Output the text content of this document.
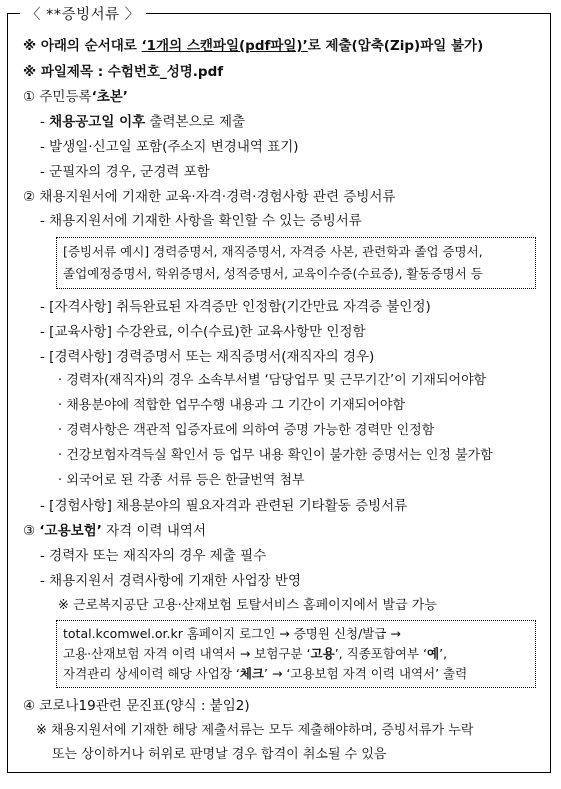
〈 **증빙서류 〉
※ 아래의 순서대로 ‘1개의 스캔파일(pdf파일)’로 제출(압축(Zip)파일 불가)
※ 파일제목 : 수험번호_성명.pdf
① 주민등록‘초본’
- 채용공고일 이후 출력본으로 제출
- 발생일·신고일 포함(주소지 변경내역 표기)
- 군필자의 경우, 군경력 포함
② 채용지원서에 기재한 교육·자격·경력·경험사항 관련 증빙서류
- 채용지원서에 기재한 사항을 확인할 수 있는 증빙서류
[증빙서류 예시] 경력증명서, 재직증명서, 자격증 사본, 관련학과 졸업 증명서,
졸업예정증명서, 학위증명서, 성적증명서, 교육이수증(수료증), 활동증명서 등
- [자격사항] 취득완료된 자격증만 인정함(기간만료 자격증 불인정)
- [교육사항] 수강완료, 이수(수료)한 교육사항만 인정함
- [경력사항] 경력증명서 또는 재직증명서(재직자의 경우)
· 경력자(재직자)의 경우 소속부서별 ‘담당업무 및 근무기간’이 기재되어야함
· 채용분야에 적합한 업무수행 내용과 그 기간이 기재되어야함
· 경력사항은 객관적 입증자료에 의하여 증명 가능한 경력만 인정함
· 건강보험자격득실 확인서 등 업무 내용 확인이 불가한 증명서는 인정 불가함
· 외국어로 된 각종 서류 등은 한글번역 첨부
- [경험사항] 채용분야의 필요자격과 관련된 기타활동 증빙서류
③ ‘고용보험’ 자격 이력 내역서
- 경력자 또는 재직자의 경우 제출 필수
- 채용지원서 경력사항에 기재한 사업장 반영
※ 근로복지공단 고용·산재보험 토탈서비스 홈페이지에서 발급 가능
total.kcomwel.or.kr 홈페이지 로그인 → 증명원 신청/발급 →
고용·산재보험 자격 이력 내역서 → 보험구분 ‘고용’, 직종포함여부 ‘예’,
자격관리 상세이력 해당 사업장 ‘체크’ → ‘고용보험 자격 이력 내역서’ 출력
④ 코로나19관련 문진표(양식 : 붙임2)
※ 채용지원서에 기재한 해당 제출서류는 모두 제출해야하며, 증빙서류가 누락
또는 상이하거나 허위로 판명날 경우 합격이 취소될 수 있음
